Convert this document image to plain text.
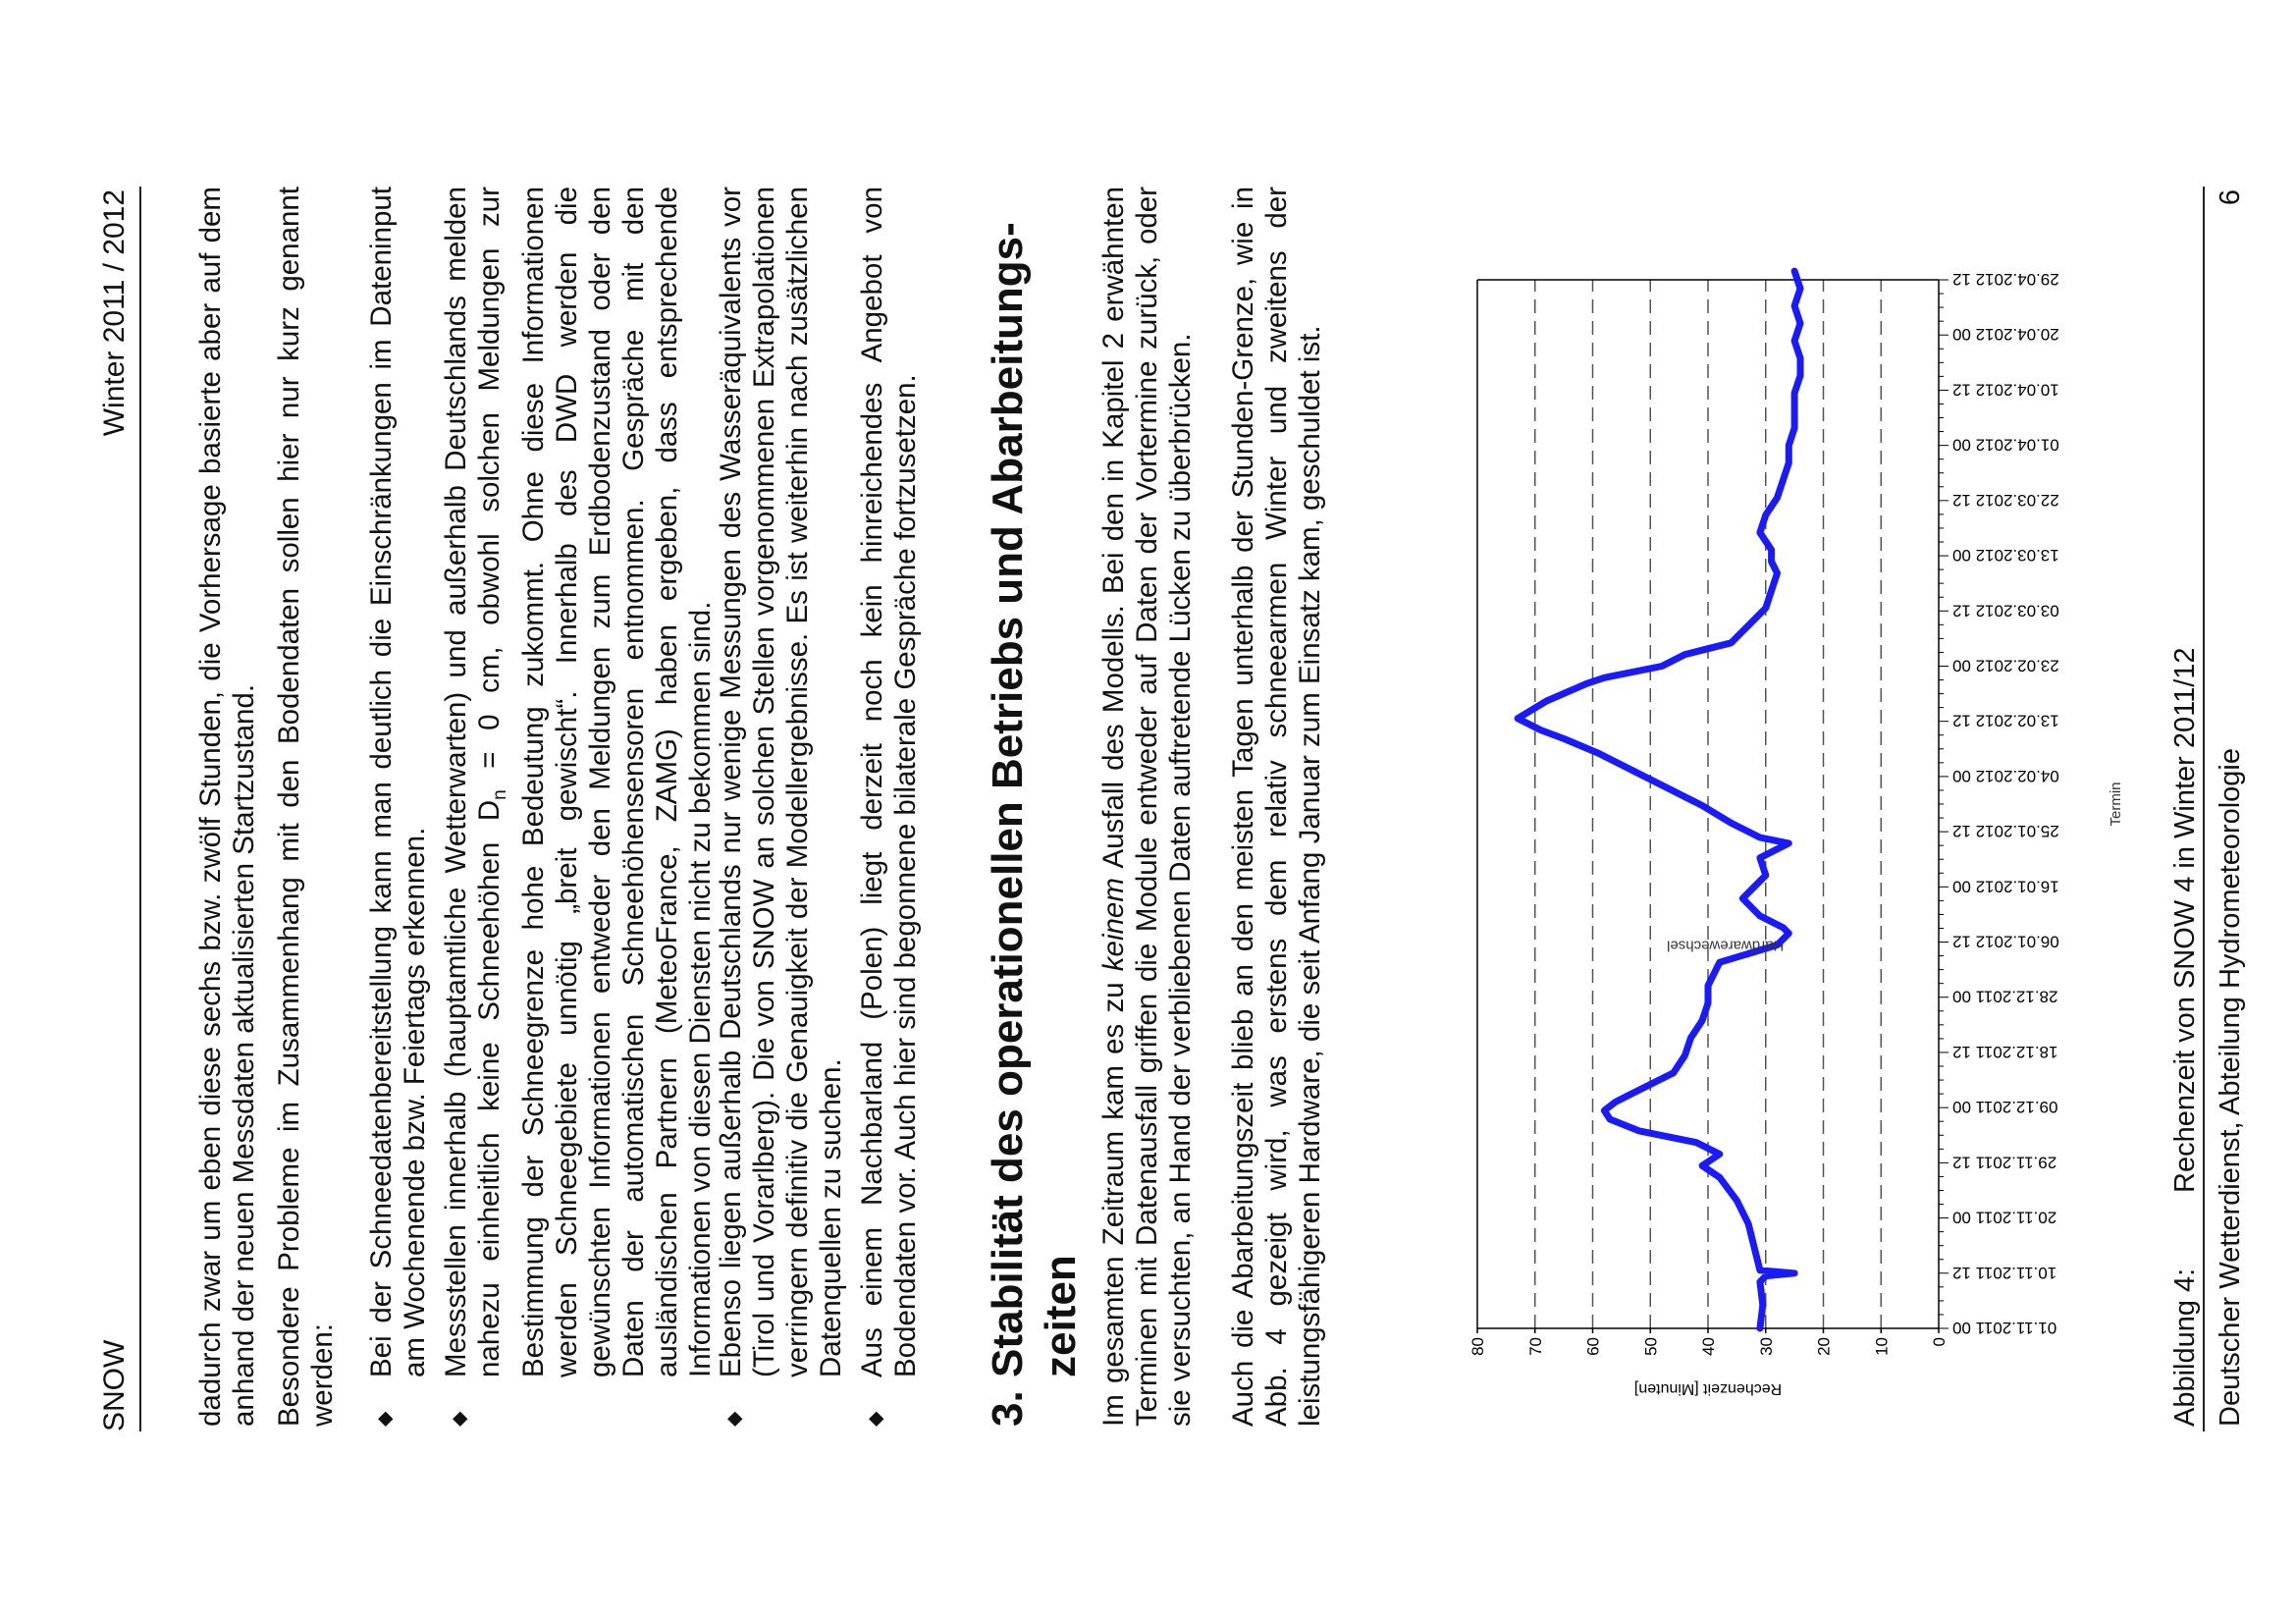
SNOW
Winter 2011 / 2012 dadurch zwar um eben diese sechs bzw. zwölf Stunden, die Vorhersage basierte aber auf dem anhand der neuen Messdaten aktualisierten Startzustand. Besondere Probleme im Zusammenhang mit den Bodendaten sollen hier nur kurz genannt werden: ◆

Bei der Schneedatenbereitstellung kann man deutlich die Einschränkungen im Dateninput am Wochenende bzw. Feiertags erkennen.

◆

Messstellen innerhalb (hauptamtliche Wetterwarten) und außerhalb Deutschlands melden nahezu einheitlich keine Schneehöhen $D_n = 0$ cm, obwohl solchen Meldungen zur Bestimmung der Schneegrenze hohe Bedeutung zukommt. Ohne diese Informationen werden Schneegebiete unnötig „breit gewischt“. Innerhalb des DWD werden die gewünschten Informationen entweder den Meldungen zum Erdbodenzustand oder den Daten der automatischen Schneehöhensensoren entnommen. Gespräche mit den ausländischen Partnern (MeteoFrance, ZAMG) haben ergeben, dass entsprechende Informationen von diesen Diensten nicht zu bekommen sind.

◆

Ebenso liegen außerhalb Deutschlands nur wenige Messungen des Wasseräquivalents vor (Tirol und Vorarlberg). Die von SNOW an solchen Stellen vorgenommenen Extrapolationen verringern definitiv die Genauigkeit der Modellergebnisse. Es ist weiterhin nach zusätzlichen Datenquellen zu suchen.

◆

Aus einem Nachbarland (Polen) liegt derzeit noch kein hinreichendes Angebot von Bodendaten vor. Auch hier sind begonnene bilaterale Gespräche fortzusetzen.

3.Stabilität des operationellen Betriebs und Abarbeitungs- zeiten Im gesamten Zeitraum kam es zu keinem Ausfall des Modells. Bei den in Kapitel 2 erwähnten Terminen mit Datenausfall griffen die Module entweder auf Daten der Vortermine zurück, oder sie versuchten, an Hand der verbliebenen Daten auftretende Lücken zu überbrücken. Auch die Abarbeitungszeit blieb an den meisten Tagen unterhalb der Stunden-Grenze, wie in Abb. 4 gezeigt wird, was erstens dem relativ schneearmen Winter und zweitens der leistungsfähigeren Hardware, die seit Anfang Januar zum Einsatz kam, geschuldet ist.	0
10
20
30
40
50
60
70
80
01.11.2011 00
10.11.2011 12
20.11.2011 00
29.11.2011 12
09.12.2011 00
18.12.2011 12
28.12.2011 00
06.01.2012 12
16.01.2012 00
25.01.2012 12
04.02.2012 00
13.02.2012 12
23.02.2012 00
03.03.2012 12
13.03.2012 00
22.03.2012 12
01.04.2012 00
10.04.2012 12
20.04.2012 00
29.04.2012 12
Rechenzeit [Minuten]
Termin
Hardwarewechsel
Abbildung 4:Rechenzeit von SNOW 4 in Winter 2011/12 Deutscher Wetterdienst, Abteilung Hydrometeorologie
6
